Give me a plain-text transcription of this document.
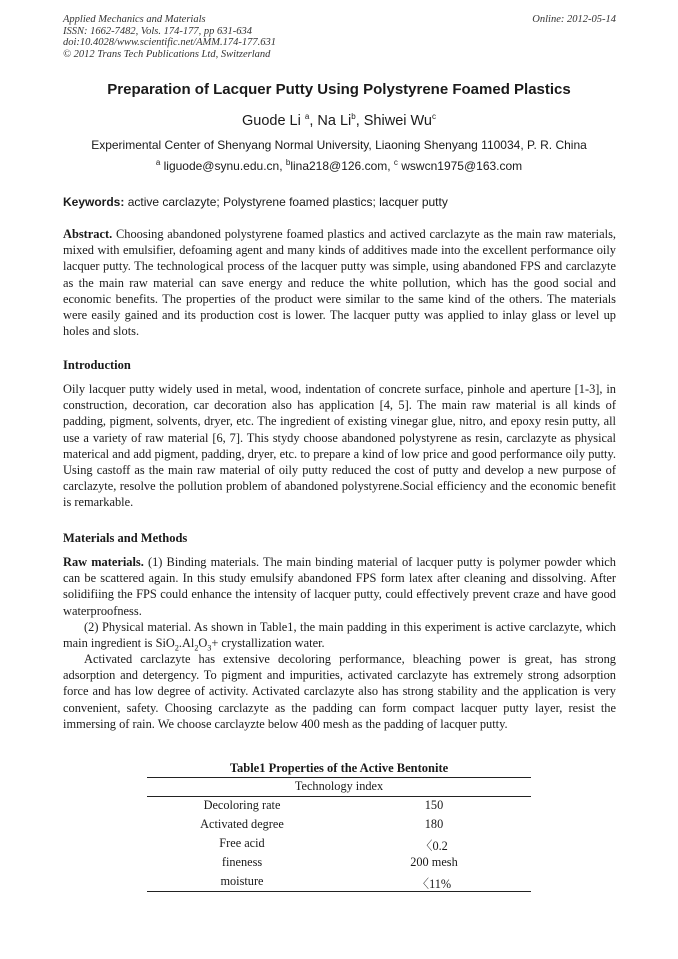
Applied Mechanics and Materials
ISSN: 1662-7482, Vols. 174-177, pp 631-634
doi:10.4028/www.scientific.net/AMM.174-177.631
© 2012 Trans Tech Publications Ltd, Switzerland
Online: 2012-05-14
Preparation of Lacquer Putty Using Polystyrene Foamed Plastics
Guode Li $^a$, Na Li$^b$, Shiwei Wu$^c$
Experimental Center of Shenyang Normal University, Liaoning Shenyang 110034, P. R. China
$^a$ liguode@synu.edu.cn, $^b$lina218@126.com, $^c$ wswcn1975@163.com
Keywords: active carclazyte; Polystyrene foamed plastics; lacquer putty

Abstract. Choosing abandoned polystyrene foamed plastics and actived carclazyte as the main raw materials, mixed with emulsifier, defoaming agent and many kinds of additives made into the excellent performance oily lacquer putty. The technological process of the lacquer putty was simple, using abandoned FPS and carclazyte as the main raw material can save energy and reduce the white pollution, which has the good social and economic benefits. The properties of the product were similar to the same kind of the others. The materials were easily gained and its production cost is lower. The lacquer putty was applied to inlay glass or level up holes and slots.

Introduction

Oily lacquer putty widely used in metal, wood, indentation of concrete surface, pinhole and aperture [1-3], in construction, decoration, car decoration also has application [4, 5]. The main raw material is all kinds of padding, pigment, solvents, dryer, etc. The ingredient of existing vinegar glue, nitro, and epoxy resin putty, all use a variety of raw material [6, 7]. This stydy choose abandoned polystyrene as resin, carclazyte as physical materical and add pigment, padding, dryer, etc. to prepare a kind of low price and good performance oily putty. Using castoff as the main raw material of oily putty reduced the cost of putty and develop a new purpose of carclazyte, resolve the pollution problem of abandoned polystyrene.Social efficiency and the economic benefit is remarkable.

Materials and Methods

Raw materials. (1) Binding materials. The main binding material of lacquer putty is polymer powder which can be scattered again. In this study emulsify abandoned FPS form latex after cleaning and dissolving. After solidifiing the FPS could enhance the intensity of lacquer putty, could effectively prevent craze and have good waterproofness.

(2) Physical material. As shown in Table1, the main padding in this experiment is active carclazyte, which main ingredient is $SiO_2.Al_2O_3+$ crystallization water.

Activated carclazyte has extensive decoloring performance, bleaching power is great, has strong adsorption and detergency. To pigment and impurities, activated carclazyte has extremely strong adsorption force and has low degree of activity. Activated carclazyte also has strong stability and the application is very convenient, safety. Choosing carclazyte as the padding can form compact lacquer putty layer, resist the immersing of rain. We choose carclayzte below 400 mesh as the padding of lacquer putty.

Table1 Properties of the Active Bentonite
Technology index
Decoloring rate	150
Activated degree	180
Free acid	〈0.2
fineness	200 mesh
moisture	〈11%
